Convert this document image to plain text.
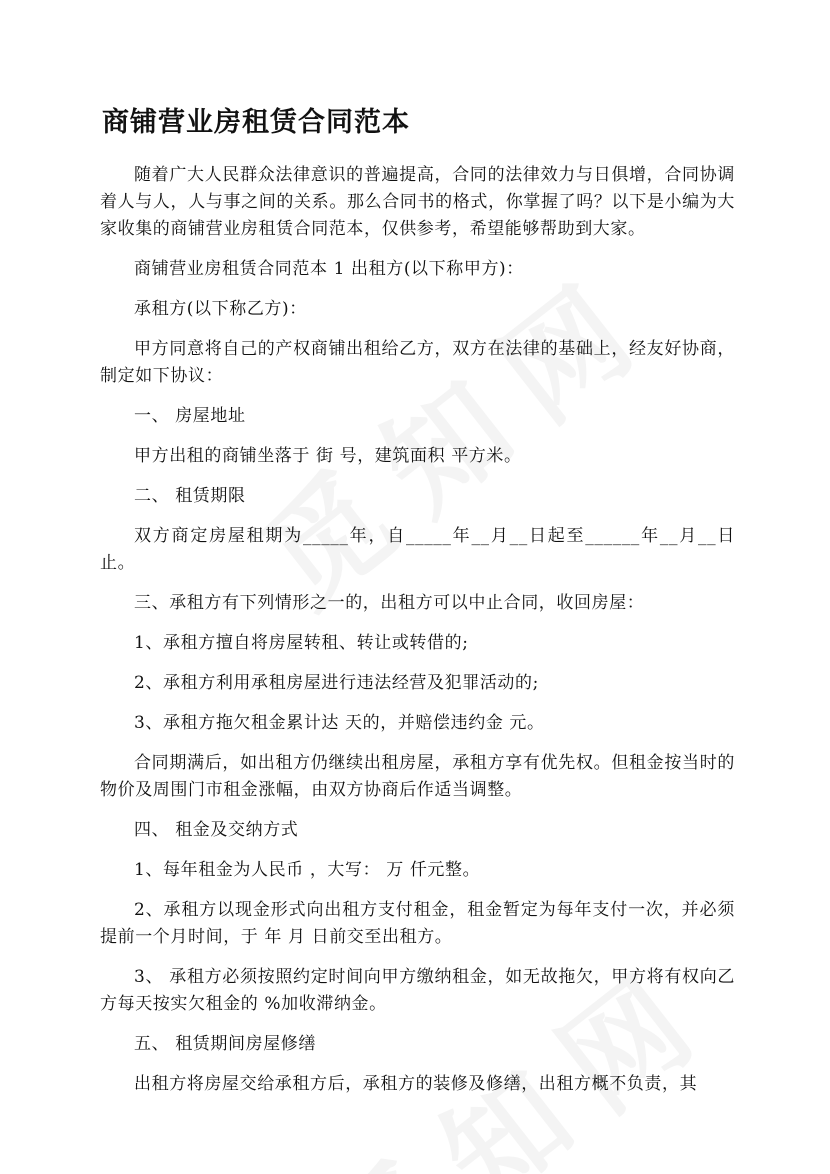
商铺营业房租赁合同范本

随着广大人民群众法律意识的普遍提高，合同的法律效力与日俱增，合同协调着人与人，人与事之间的关系。那么合同书的格式，你掌握了吗？以下是小编为大家收集的商铺营业房租赁合同范本，仅供参考，希望能够帮助到大家。

商铺营业房租赁合同范本 1 出租方(以下称甲方)：

承租方(以下称乙方)：

甲方同意将自己的产权商铺出租给乙方，双方在法律的基础上，经友好协商，制定如下协议：

一、 房屋地址

甲方出租的商铺坐落于 街 号，建筑面积 平方米。

二、 租赁期限

双方商定房屋租期为_____年，自_____年__月__日起至______年__月__日止。

三、承租方有下列情形之一的，出租方可以中止合同，收回房屋：

1、承租方擅自将房屋转租、转让或转借的;

2、承租方利用承租房屋进行违法经营及犯罪活动的;

3、承租方拖欠租金累计达 天的，并赔偿违约金 元。

合同期满后，如出租方仍继续出租房屋，承租方享有优先权。但租金按当时的物价及周围门市租金涨幅，由双方协商后作适当调整。

四、 租金及交纳方式

1、每年租金为人民币 ，大写： 万 仟元整。

2、承租方以现金形式向出租方支付租金，租金暂定为每年支付一次，并必须提前一个月时间，于 年 月 日前交至出租方。

3、 承租方必须按照约定时间向甲方缴纳租金，如无故拖欠，甲方将有权向乙方每天按实欠租金的 %加收滞纳金。

五、 租赁期间房屋修缮

出租方将房屋交给承租方后，承租方的装修及修缮，出租方概不负责，其
